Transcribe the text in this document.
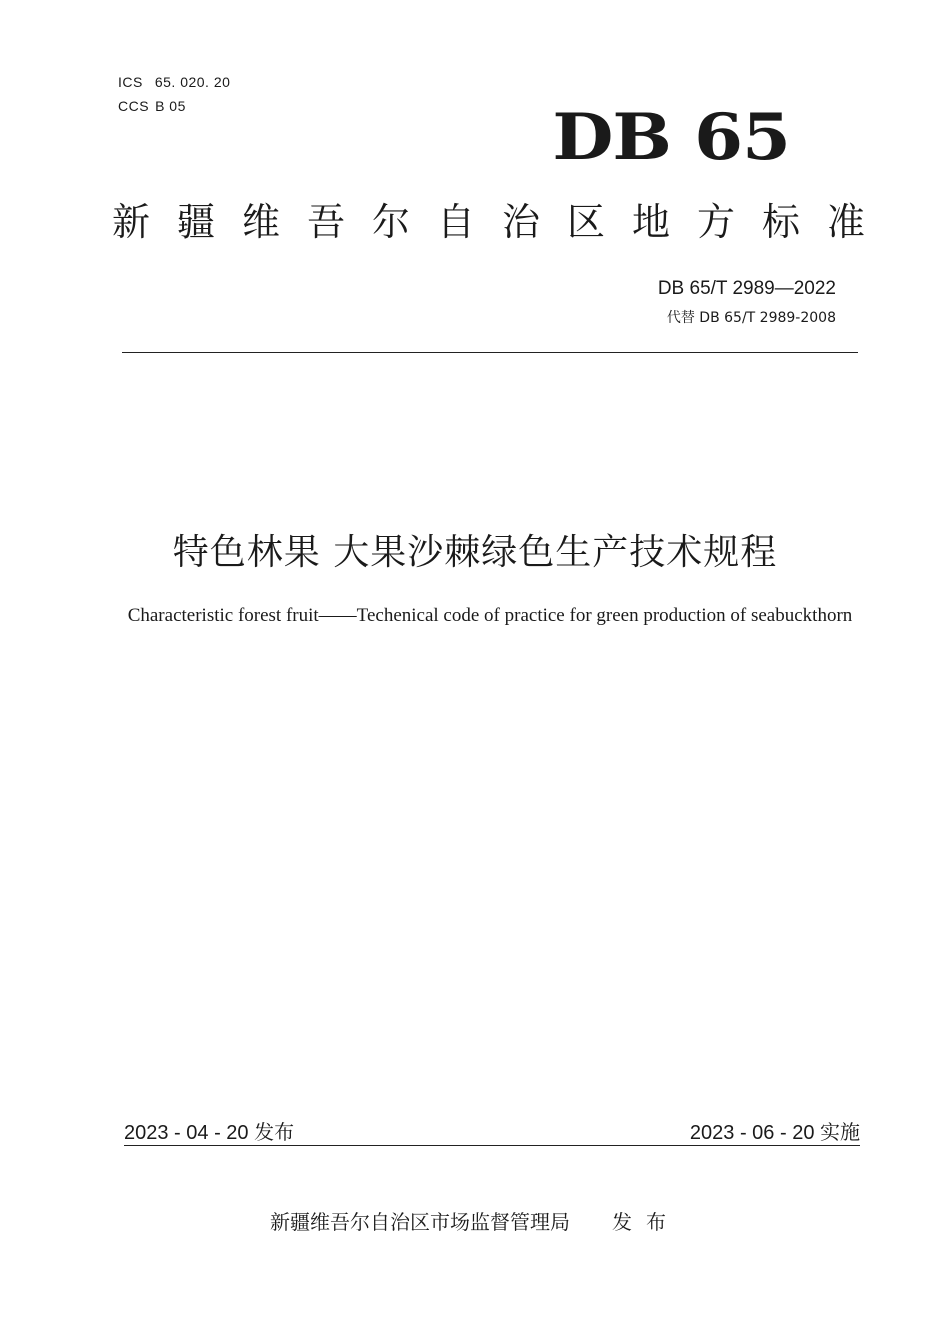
ICS 65. 020. 20
CCS B 05	DB 65
新疆维吾尔自治区地方标准
DB 65/T 2989—2022
代替 DB 65/T 2989-2008
特色林果 大果沙棘绿色生产技术规程
Characteristic forest fruit——Techenical code of practice for green production of seabuckthorn
2023 - 04 - 20 发布	2023 - 06 - 20 实施
新疆维吾尔自治区市场监督管理局 发布
